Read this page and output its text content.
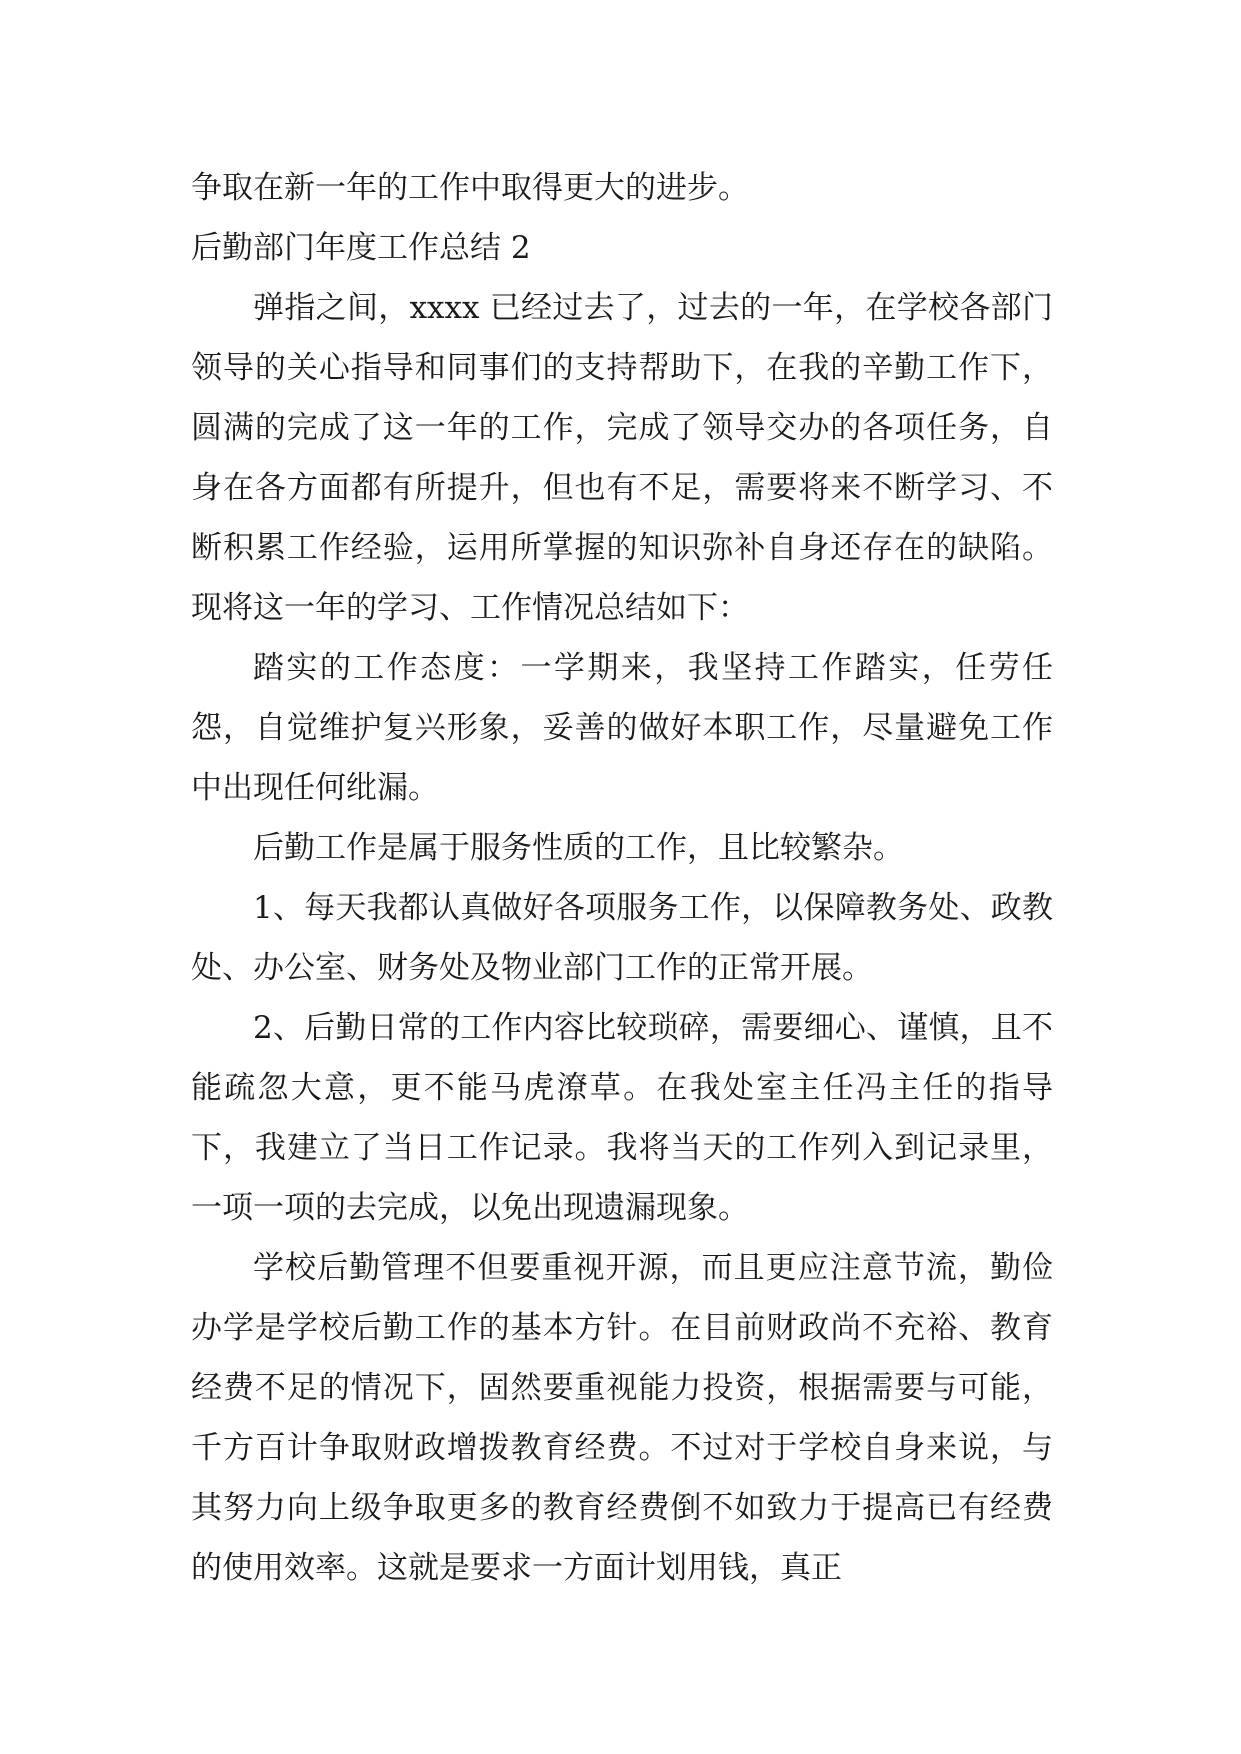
争取在新一年的工作中取得更大的进步。
后勤部门年度工作总结 2

弹指之间，xxxx 已经过去了，过去的一年，在学校各部门领导的关心指导和同事们的支持帮助下，在我的辛勤工作下，圆满的完成了这一年的工作，完成了领导交办的各项任务，自身在各方面都有所提升，但也有不足，需要将来不断学习、不断积累工作经验，运用所掌握的知识弥补自身还存在的缺陷。现将这一年的学习、工作情况总结如下：

踏实的工作态度：一学期来，我坚持工作踏实，任劳任怨，自觉维护复兴形象，妥善的做好本职工作，尽量避免工作中出现任何纰漏。

后勤工作是属于服务性质的工作，且比较繁杂。

1、每天我都认真做好各项服务工作，以保障教务处、政教处、办公室、财务处及物业部门工作的正常开展。

2、后勤日常的工作内容比较琐碎，需要细心、谨慎，且不能疏忽大意，更不能马虎潦草。在我处室主任冯主任的指导下，我建立了当日工作记录。我将当天的工作列入到记录里，一项一项的去完成，以免出现遗漏现象。

学校后勤管理不但要重视开源，而且更应注意节流，勤俭办学是学校后勤工作的基本方针。在目前财政尚不充裕、教育经费不足的情况下，固然要重视能力投资，根据需要与可能，千方百计争取财政增拨教育经费。不过对于学校自身来说，与其努力向上级争取更多的教育经费倒不如致力于提高已有经费的使用效率。这就是要求一方面计划用钱，真正
